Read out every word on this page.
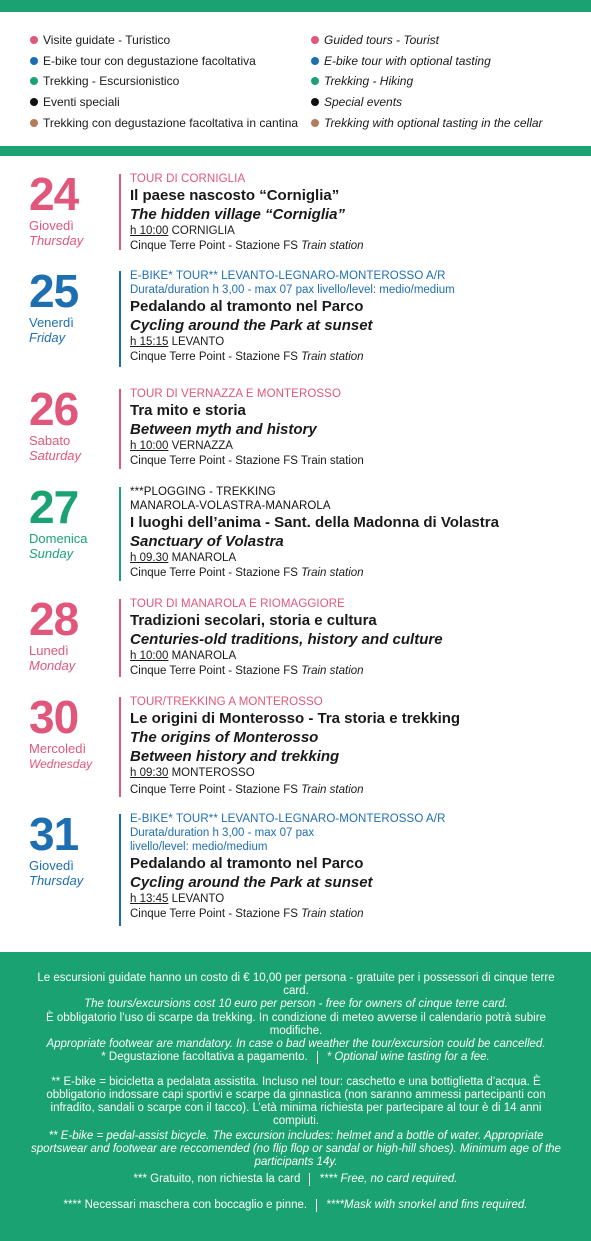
Visite guidate - Turistico
E-bike tour con degustazione facoltativa
Trekking - Escursionistico
Eventi speciali
Trekking con degustazione facoltativa in cantina
Guided tours - Tourist
E-bike tour with optional tasting
Trekking - Hiking
Special events
Trekking with optional tasting in the cellar
24
Giovedì
Thursday
TOUR DI CORNIGLIA
Il paese nascosto “Corniglia”
The hidden village “Corniglia”
h 10:00 CORNIGLIA
Cinque Terre Point - Stazione FS Train station
25
Venerdì
Friday
E-BIKE* TOUR** LEVANTO-LEGNARO-MONTEROSSO A/R
Durata/duration h 3,00 - max 07 pax livello/level: medio/medium
Pedalando al tramonto nel Parco
Cycling around the Park at sunset
h 15:15 LEVANTO
Cinque Terre Point - Stazione FS Train station
26
Sabato
Saturday
TOUR DI VERNAZZA E MONTEROSSO
Tra mito e storia
Between myth and history
h 10:00 VERNAZZA
Cinque Terre Point - Stazione FS Train station
27
Domenica
Sunday
***PLOGGING - TREKKING
MANAROLA-VOLASTRA-MANAROLA
I luoghi dell’anima - Sant. della Madonna di Volastra
Sanctuary of Volastra
h 09.30 MANAROLA
Cinque Terre Point - Stazione FS Train station
28
Lunedì
Monday
TOUR DI MANAROLA E RIOMAGGIORE
Tradizioni secolari, storia e cultura
Centuries-old traditions, history and culture
h 10:00 MANAROLA
Cinque Terre Point - Stazione FS Train station
30
Mercoledì
Wednesday
TOUR/TREKKING A MONTEROSSO
Le origini di Monterosso - Tra storia e trekking
The origins of Monterosso
Between history and trekking
h 09:30 MONTEROSSO
Cinque Terre Point - Stazione FS Train station
31
Giovedì
Thursday
E-BIKE* TOUR** LEVANTO-LEGNARO-MONTEROSSO A/R
Durata/duration h 3,00 - max 07 pax
livello/level: medio/medium
Pedalando al tramonto nel Parco
Cycling around the Park at sunset
h 13:45 LEVANTO
Cinque Terre Point - Stazione FS Train station
Le escursioni guidate hanno un costo di € 10,00 per persona - gratuite per i possessori di cinque terre card.
The tours/excursions cost 10 euro per person - free for owners of cinque terre card.
È obbligatorio l’uso di scarpe da trekking. In condizione di meteo avverse il calendario potrà subire modifiche.
Appropriate footwear are mandatory. In case o bad weather the tour/excursion could be cancelled.
* Degustazione facoltativa a pagamento.	* Optional wine tasting for a fee.
** E-bike = bicicletta a pedalata assistita. Incluso nel tour: caschetto e una bottiglietta d’acqua. È obbligatorio indossare capi sportivi e scarpe da ginnastica (non saranno ammessi partecipanti con infradito, sandali o scarpe con il tacco). L’età minima richiesta per partecipare al tour è di 14 anni compiuti.
** E-bike = pedal-assist bicycle. The excursion includes: helmet and a bottle of water. Appropriate sportswear and footwear are reccomended (no flip flop or sandal or high-hill shoes). Minimum age of the participants 14y.
*** Gratuito, non richiesta la card	**** Free, no card required.
**** Necessari maschera con boccaglio e pinne.	****Mask with snorkel and fins required.
